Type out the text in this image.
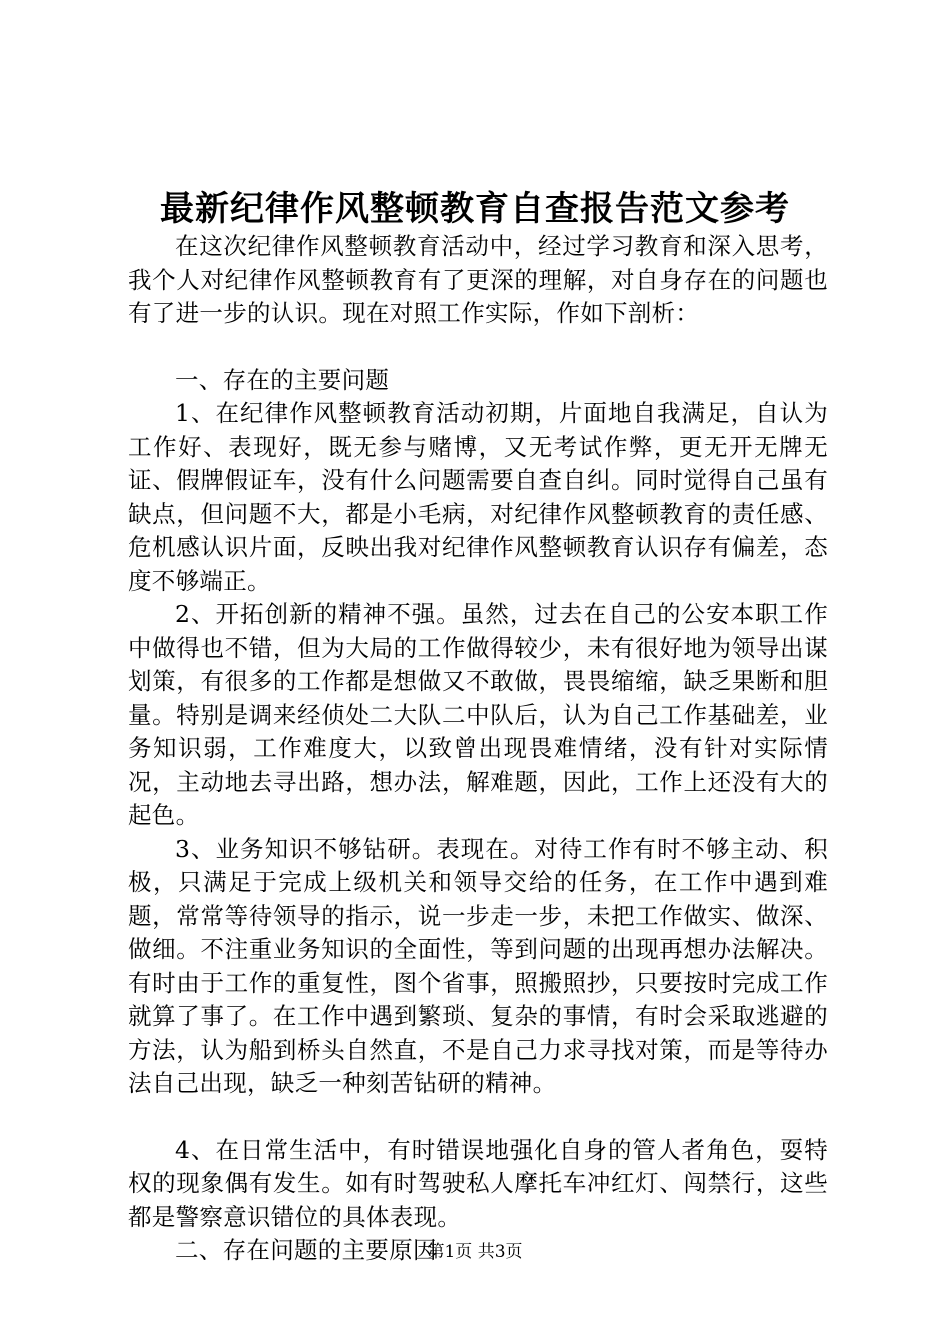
最新纪律作风整顿教育自查报告范文参考

在这次纪律作风整顿教育活动中，经过学习教育和深入思考，我个人对纪律作风整顿教育有了更深的理解，对自身存在的问题也有了进一步的认识。现在对照工作实际，作如下剖析：

一、存在的主要问题

1、在纪律作风整顿教育活动初期，片面地自我满足，自认为工作好、表现好，既无参与赌博，又无考试作弊，更无开无牌无证、假牌假证车，没有什么问题需要自查自纠。同时觉得自己虽有缺点，但问题不大，都是小毛病，对纪律作风整顿教育的责任感、危机感认识片面，反映出我对纪律作风整顿教育认识存有偏差，态度不够端正。

2、开拓创新的精神不强。虽然，过去在自己的公安本职工作中做得也不错，但为大局的工作做得较少，未有很好地为领导出谋划策，有很多的工作都是想做又不敢做，畏畏缩缩，缺乏果断和胆量。特别是调来经侦处二大队二中队后，认为自己工作基础差，业务知识弱，工作难度大，以致曾出现畏难情绪，没有针对实际情况，主动地去寻出路，想办法，解难题，因此，工作上还没有大的起色。

3、业务知识不够钻研。表现在。对待工作有时不够主动、积极，只满足于完成上级机关和领导交给的任务，在工作中遇到难题，常常等待领导的指示，说一步走一步，未把工作做实、做深、做细。不注重业务知识的全面性，等到问题的出现再想办法解决。有时由于工作的重复性，图个省事，照搬照抄，只要按时完成工作就算了事了。在工作中遇到繁琐、复杂的事情，有时会采取逃避的方法，认为船到桥头自然直，不是自己力求寻找对策，而是等待办法自己出现，缺乏一种刻苦钻研的精神。

4、在日常生活中，有时错误地强化自身的管人者角色，耍特权的现象偶有发生。如有时驾驶私人摩托车冲红灯、闯禁行，这些都是警察意识错位的具体表现。

二、存在问题的主要原因

第1页 共3页
